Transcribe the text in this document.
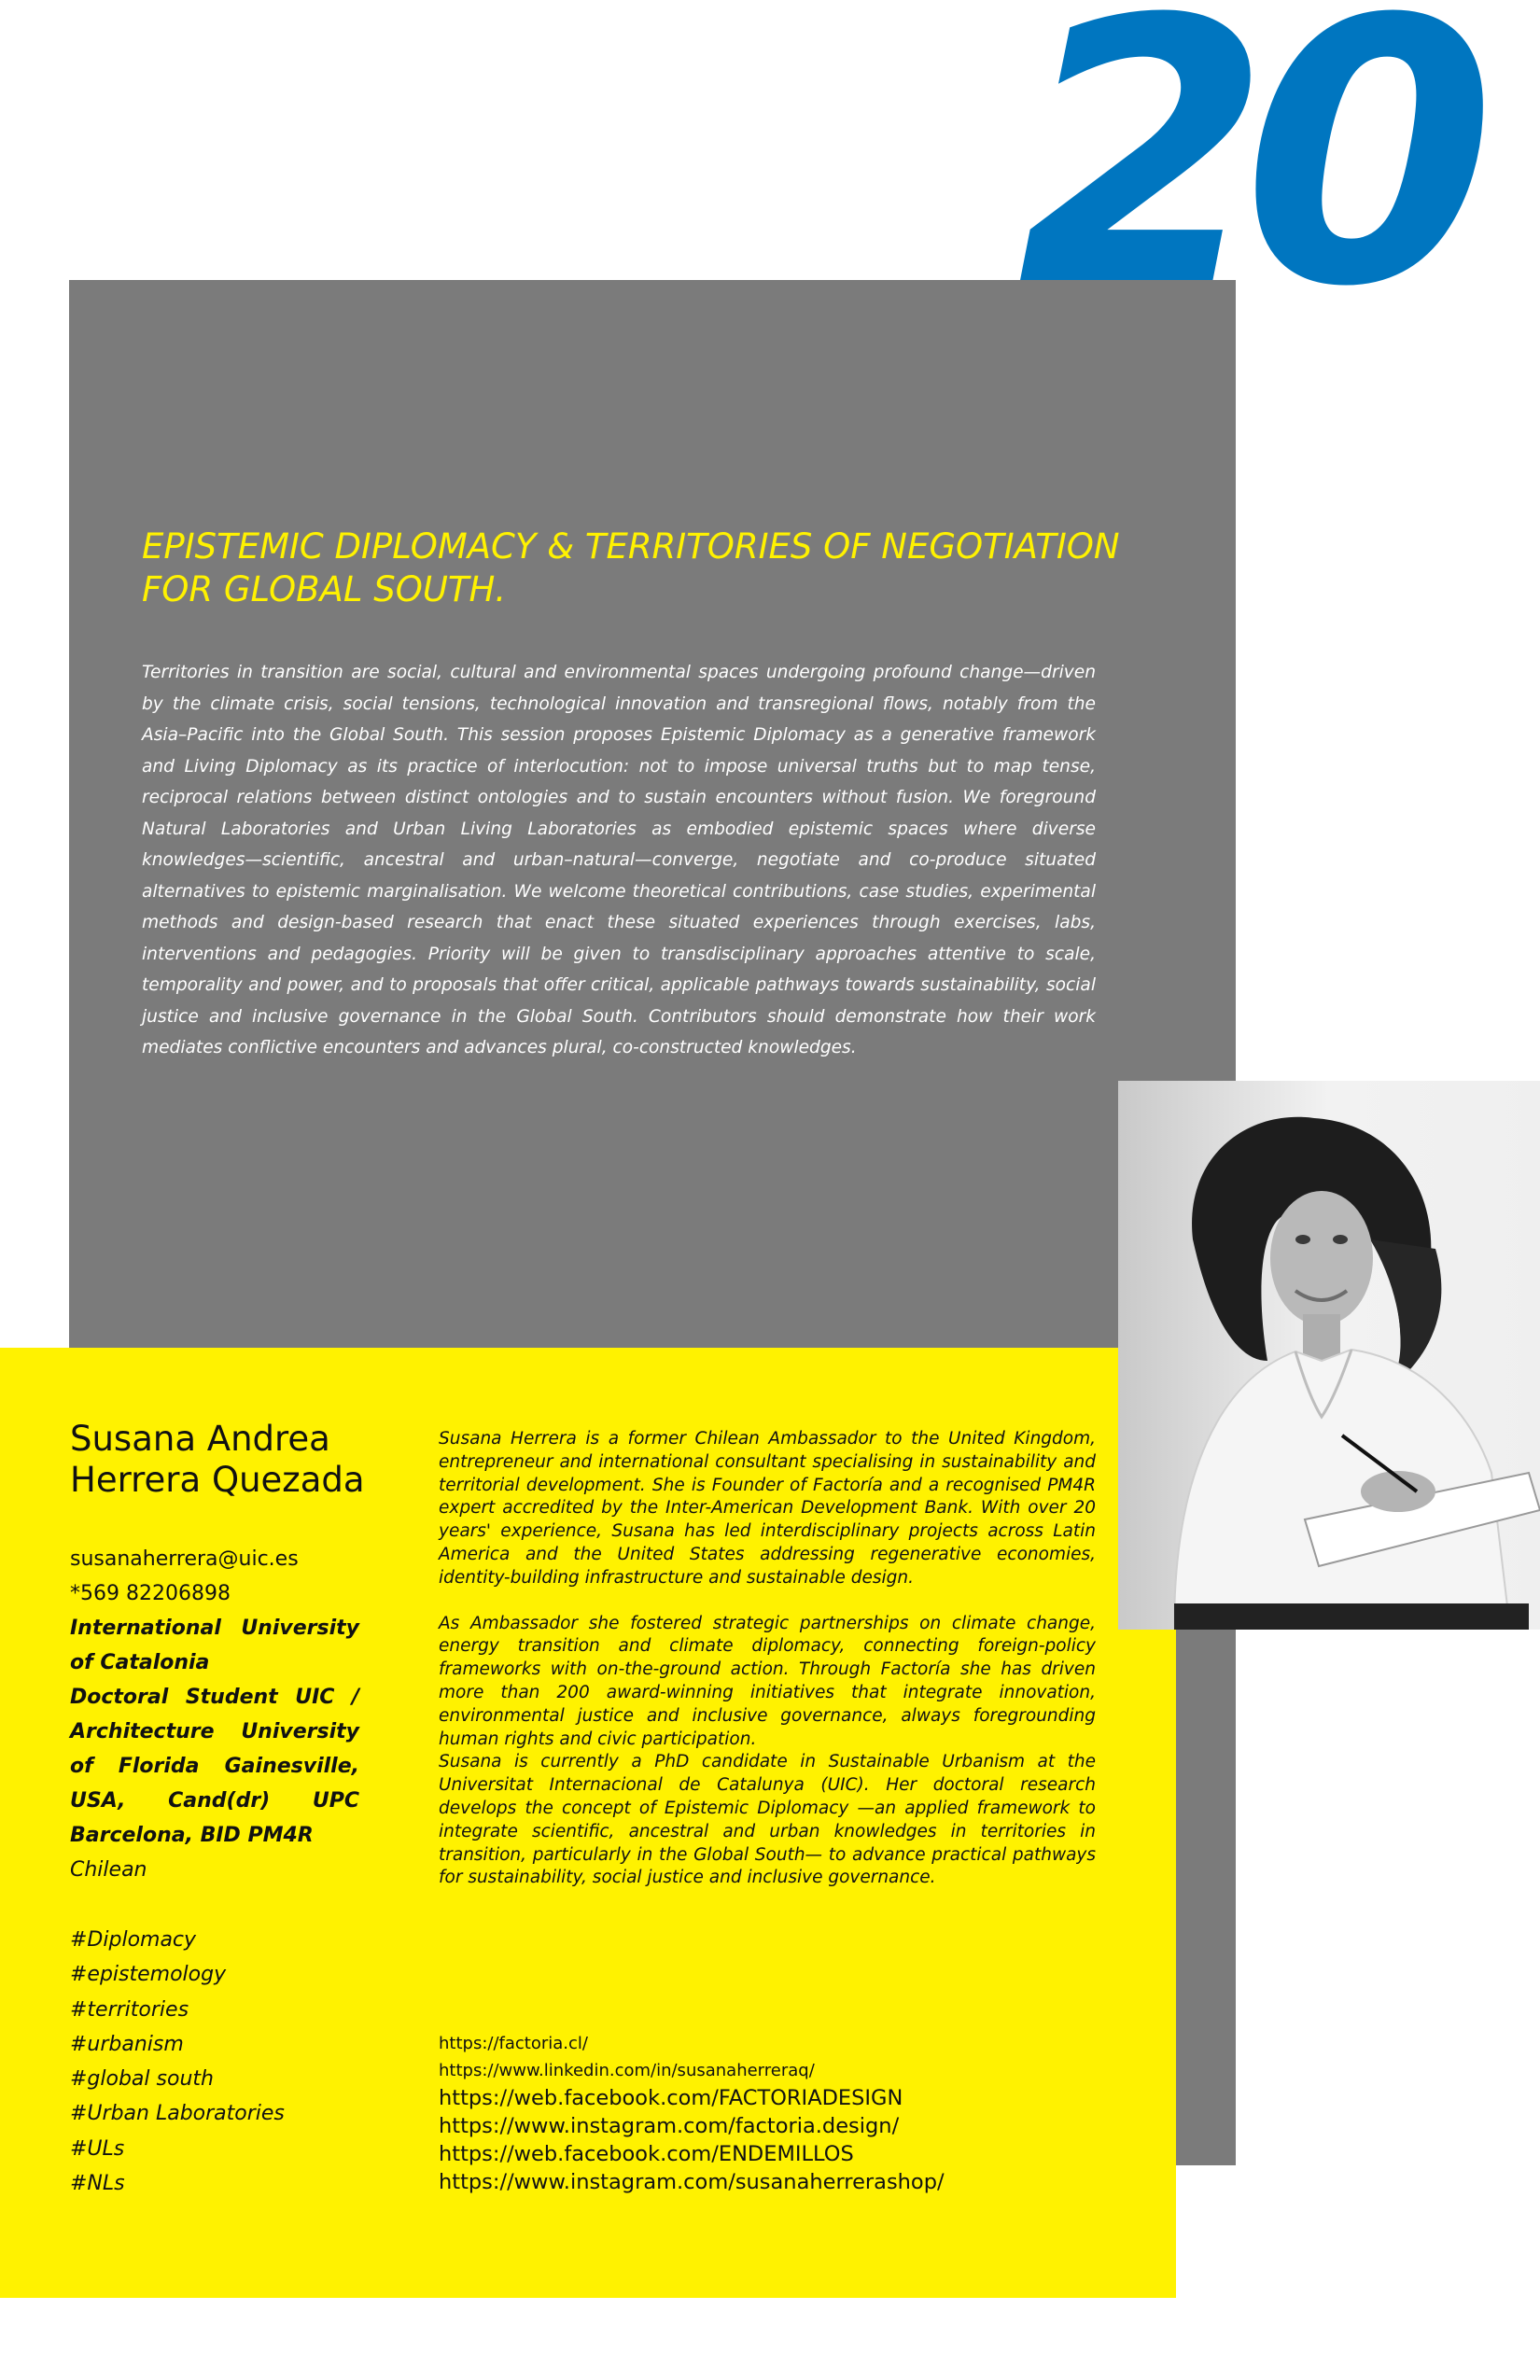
20
EPISTEMIC DIPLOMACY & TERRITORIES OF NEGOTIATION
FOR GLOBAL SOUTH.

Territories in transition are social, cultural and environmental spaces undergoing profound change—driven by the climate crisis, social tensions, technological innovation and transregional flows, notably from the Asia–Pacific into the Global South. This session proposes Epistemic Diplomacy as a generative framework and Living Diplomacy as its practice of interlocution: not to impose universal truths but to map tense, reciprocal relations between distinct ontologies and to sustain encounters without fusion. We foreground Natural Laboratories and Urban Living Laboratories as embodied epistemic spaces where diverse knowledges—scientific, ancestral and urban–natural—converge, negotiate and co-produce situated alternatives to epistemic marginalisation. We welcome theoretical contributions, case studies, experimental methods and design-based research that enact these situated experiences through exercises, labs, interventions and pedagogies. Priority will be given to transdisciplinary approaches attentive to scale, temporality and power, and to proposals that offer critical, applicable pathways towards sustainability, social justice and inclusive governance in the Global South. Contributors should demonstrate how their work mediates conflictive encounters and advances plural, co-constructed knowledges.

Susana Andrea
Herrera Quezada
susanaherrera@uic.es
*569 82206898
International University of Catalonia
Doctoral Student UIC / Architecture University of Florida Gainesville, USA, Cand(dr) UPC Barcelona, BID PM4R
Chilean
#Diplomacy
#epistemology
#territories
#urbanism
#global south
#Urban Laboratories
#ULs
#NLs

Susana Herrera is a former Chilean Ambassador to the United Kingdom, entrepreneur and international consultant specialising in sustainability and territorial development. She is Founder of Factoría and a recognised PM4R expert accredited by the Inter-American Development Bank. With over 20 years' experience, Susana has led interdisciplinary projects across Latin America and the United States addressing regenerative economies, identity-building infrastructure and sustainable design.

As Ambassador she fostered strategic partnerships on climate change, energy transition and climate diplomacy, connecting foreign-policy frameworks with on-the-ground action. Through Factoría she has driven more than 200 award-winning initiatives that integrate innovation, environmental justice and inclusive governance, always foregrounding human rights and civic participation.

Susana is currently a PhD candidate in Sustainable Urbanism at the Universitat Internacional de Catalunya (UIC). Her doctoral research develops the concept of Epistemic Diplomacy —an applied framework to integrate scientific, ancestral and urban knowledges in territories in transition, particularly in the Global South— to advance practical pathways for sustainability, social justice and inclusive governance.

https://factoria.cl/
https://www.linkedin.com/in/susanaherreraq/
https://web.facebook.com/FACTORIADESIGN
https://www.instagram.com/factoria.design/
https://web.facebook.com/ENDEMILLOS
https://www.instagram.com/susanaherrerashop/
